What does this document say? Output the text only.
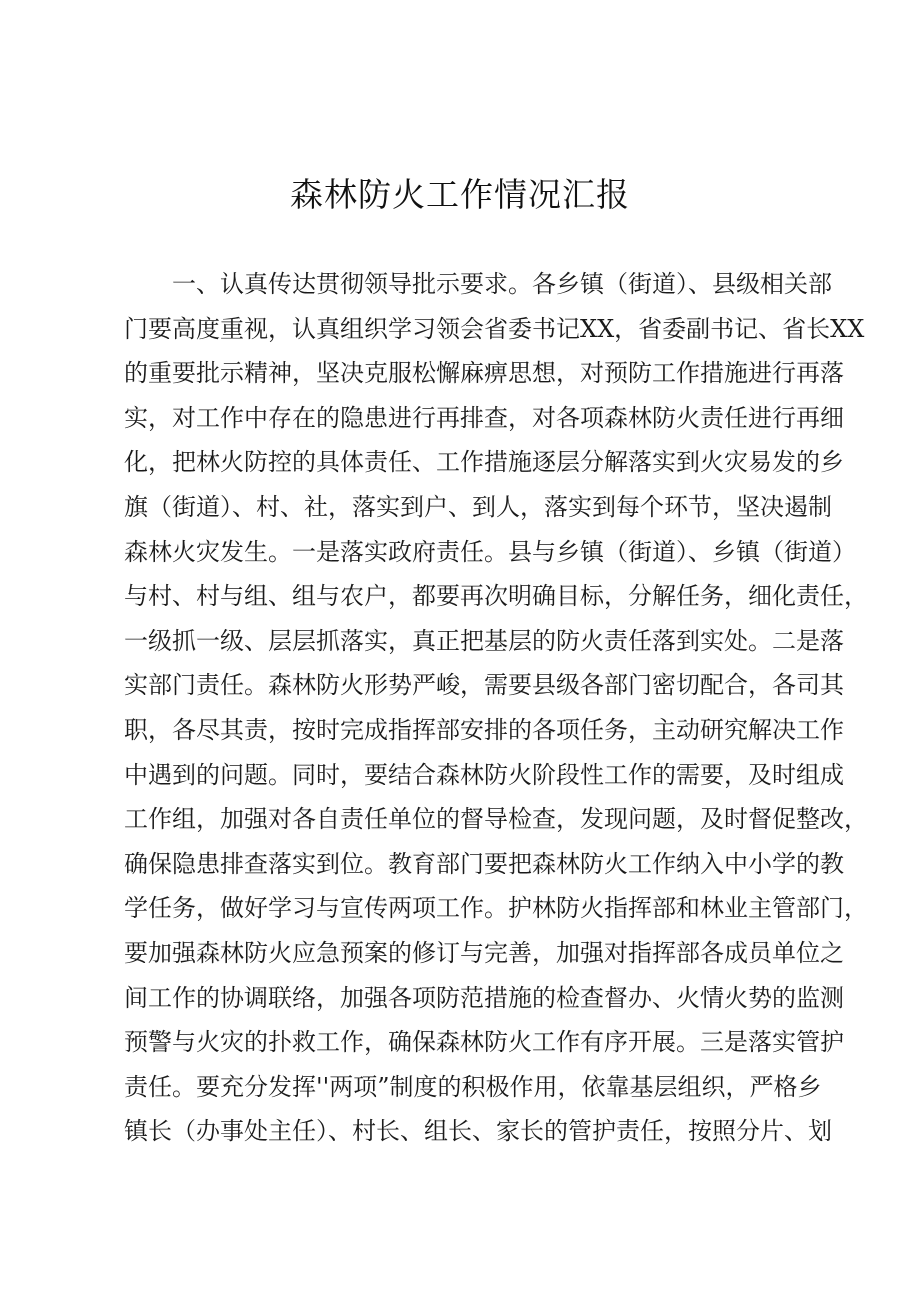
森林防火工作情况汇报
一、认真传达贯彻领导批示要求。各乡镇（街道）、县级相关部
门要高度重视，认真组织学习领会省委书记XX，省委副书记、省长XX
的重要批示精神，坚决克服松懈麻痹思想，对预防工作措施进行再落
实，对工作中存在的隐患进行再排查，对各项森林防火责任进行再细
化，把林火防控的具体责任、工作措施逐层分解落实到火灾易发的乡
旗（街道）、村、社，落实到户、到人，落实到每个环节，坚决遏制
森林火灾发生。一是落实政府责任。县与乡镇（街道）、乡镇（街道）
与村、村与组、组与农户，都要再次明确目标，分解任务，细化责任，
一级抓一级、层层抓落实，真正把基层的防火责任落到实处。二是落
实部门责任。森林防火形势严峻，需要县级各部门密切配合，各司其
职，各尽其责，按时完成指挥部安排的各项任务，主动研究解决工作
中遇到的问题。同时，要结合森林防火阶段性工作的需要，及时组成
工作组，加强对各自责任单位的督导检查，发现问题，及时督促整改，
确保隐患排查落实到位。教育部门要把森林防火工作纳入中小学的教
学任务，做好学习与宣传两项工作。护林防火指挥部和林业主管部门，
要加强森林防火应急预案的修订与完善，加强对指挥部各成员单位之
间工作的协调联络，加强各项防范措施的检查督办、火情火势的监测
预警与火灾的扑救工作，确保森林防火工作有序开展。三是落实管护
责任。要充分发挥''两项”制度的积极作用，依靠基层组织，严格乡
镇长（办事处主任）、村长、组长、家长的管护责任，按照分片、划
